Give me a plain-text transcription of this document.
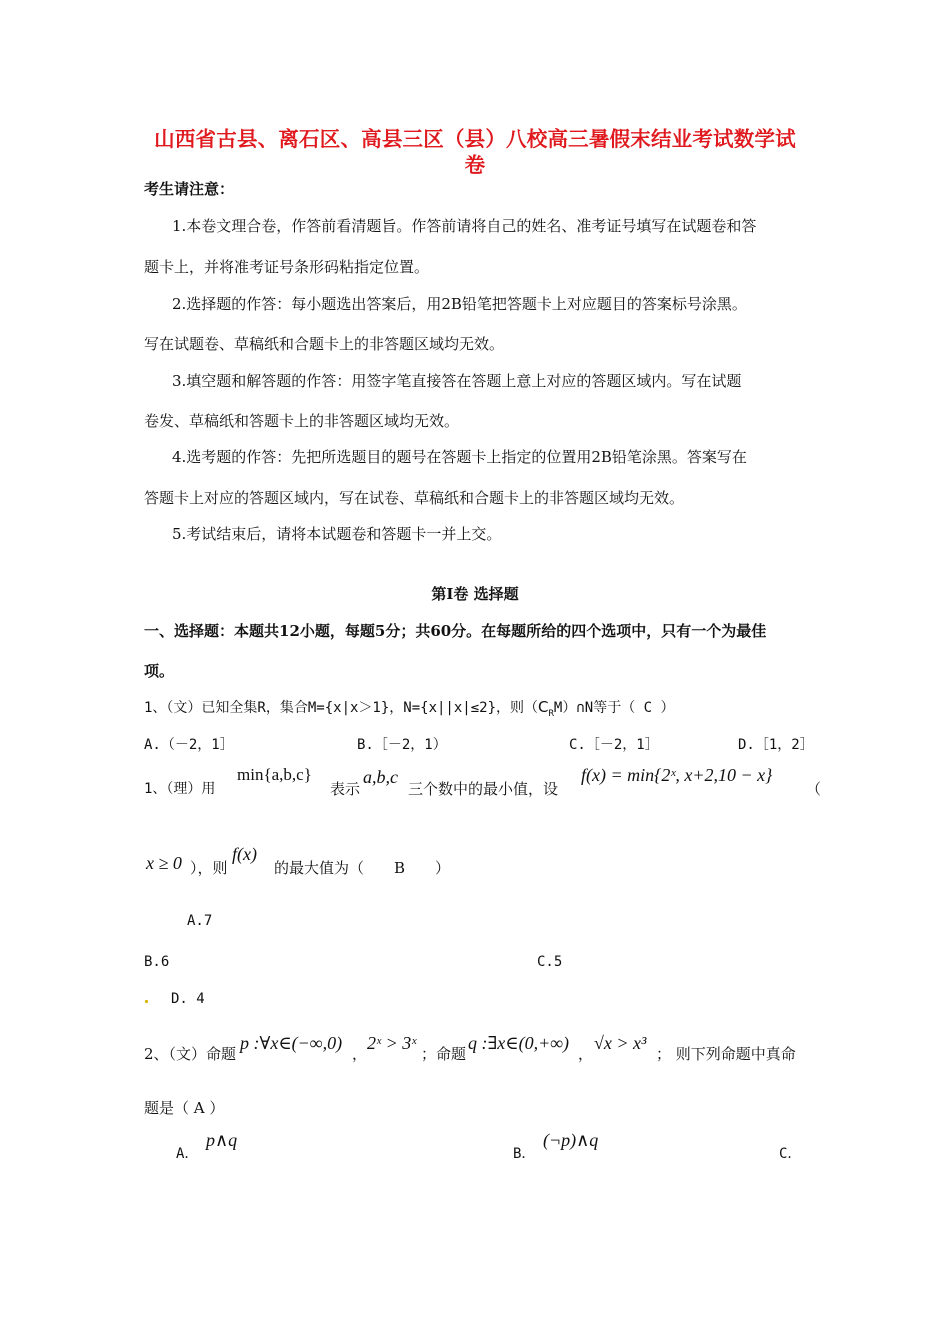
山西省古县、离石区、高县三区（县）八校高三暑假末结业考试数学试
卷
考生请注意：
1.本卷文理合卷，作答前看清题旨。作答前请将自己的姓名、准考证号填写在试题卷和答
题卡上，并将准考证号条形码粘指定位置。
2.选择题的作答：每小题选出答案后，用2B铅笔把答题卡上对应题目的答案标号涂黑。
写在试题卷、草稿纸和合题卡上的非答题区域均无效。
3.填空题和解答题的作答：用签字笔直接答在答题上意上对应的答题区域内。写在试题
卷发、草稿纸和答题卡上的非答题区域均无效。
4.选考题的作答：先把所选题目的题号在答题卡上指定的位置用2B铅笔涂黑。答案写在
答题卡上对应的答题区域内，写在试卷、草稿纸和合题卡上的非答题区域均无效。
5.考试结束后，请将本试题卷和答题卡一并上交。
第Ⅰ卷 选择题
一、选择题：本题共12小题，每题5分；共60分。在每题所给的四个选项中，只有一个为最佳
项。
1、（文）已知全集R，集合M={x|x＞1}，N={x||x|≤2}，则$(C_RM)\cap N$等于（ C ）
A.（－2，1］	B.［－2，1）	C.［－2，1］	D.［1，2］
1、（理）用
min{a,b,c}
表示
a,b,c
三个数中的最小值，设
f(x) = min{2ˣ, x+2,10 − x}
（
x ≥ 0 ），则
f(x)
的最大值为（　　B　　）
A.7
B.6	C.5
D. 4
2、（文）命题
p :∀x∈(−∞,0)
，
2ˣ > 3ˣ
；命题
q :∃x∈(0,+∞)
，
√x > x³
； 则下列命题中真命
题是（ A ）
A．
p∧q
B．
(¬p)∧q
C．
